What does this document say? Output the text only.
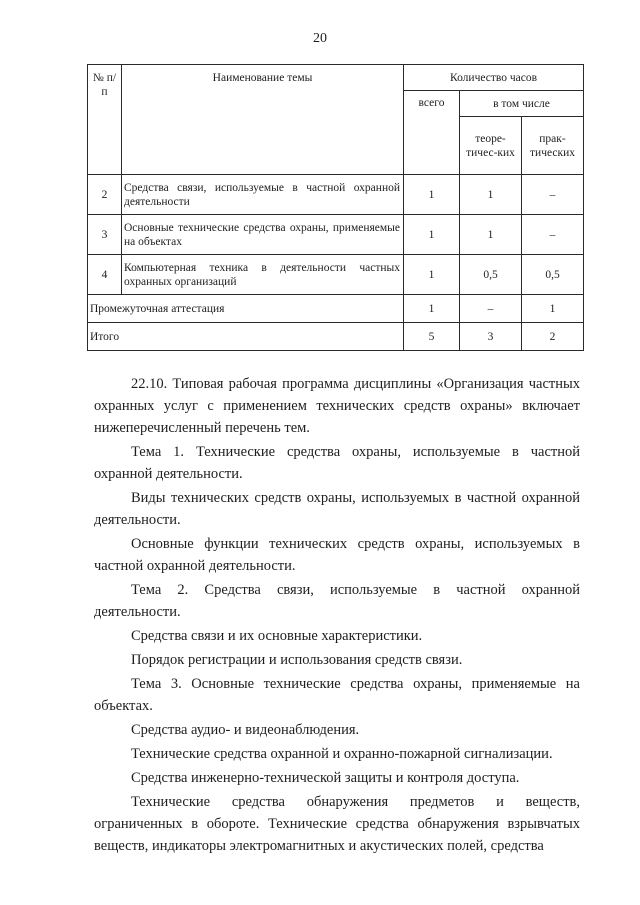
20
№ п/п	Наименование темы	Количество часов		
		всего	в том числе	
			теоре-тичес-ких	прак-тических
2	Средства связи, используемые в частной охранной деятельности	1	1	–
3	Основные технические средства охраны, применяемые на объектах	1	1	–
4	Компьютерная техника в деятельности частных охранных организаций	1	0,5	0,5
Промежуточная аттестация		1	–	1
Итого		5	3	2

22.10. Типовая рабочая программа дисциплины «Организация частных охранных услуг с применением технических средств охраны» включает нижеперечисленный перечень тем.

Тема 1. Технические средства охраны, используемые в частной охранной деятельности.

Виды технических средств охраны, используемых в частной охранной деятельности.

Основные функции технических средств охраны, используемых в частной охранной деятельности.

Тема 2. Средства связи, используемые в частной охранной деятельности.

Средства связи и их основные характеристики.

Порядок регистрации и использования средств связи.

Тема 3. Основные технические средства охраны, применяемые на объектах.

Средства аудио- и видеонаблюдения.

Технические средства охранной и охранно-пожарной сигнализации.

Средства инженерно-технической защиты и контроля доступа.

Технические средства обнаружения предметов и веществ, ограниченных в обороте. Технические средства обнаружения взрывчатых веществ, индикаторы электромагнитных и акустических полей, средства
